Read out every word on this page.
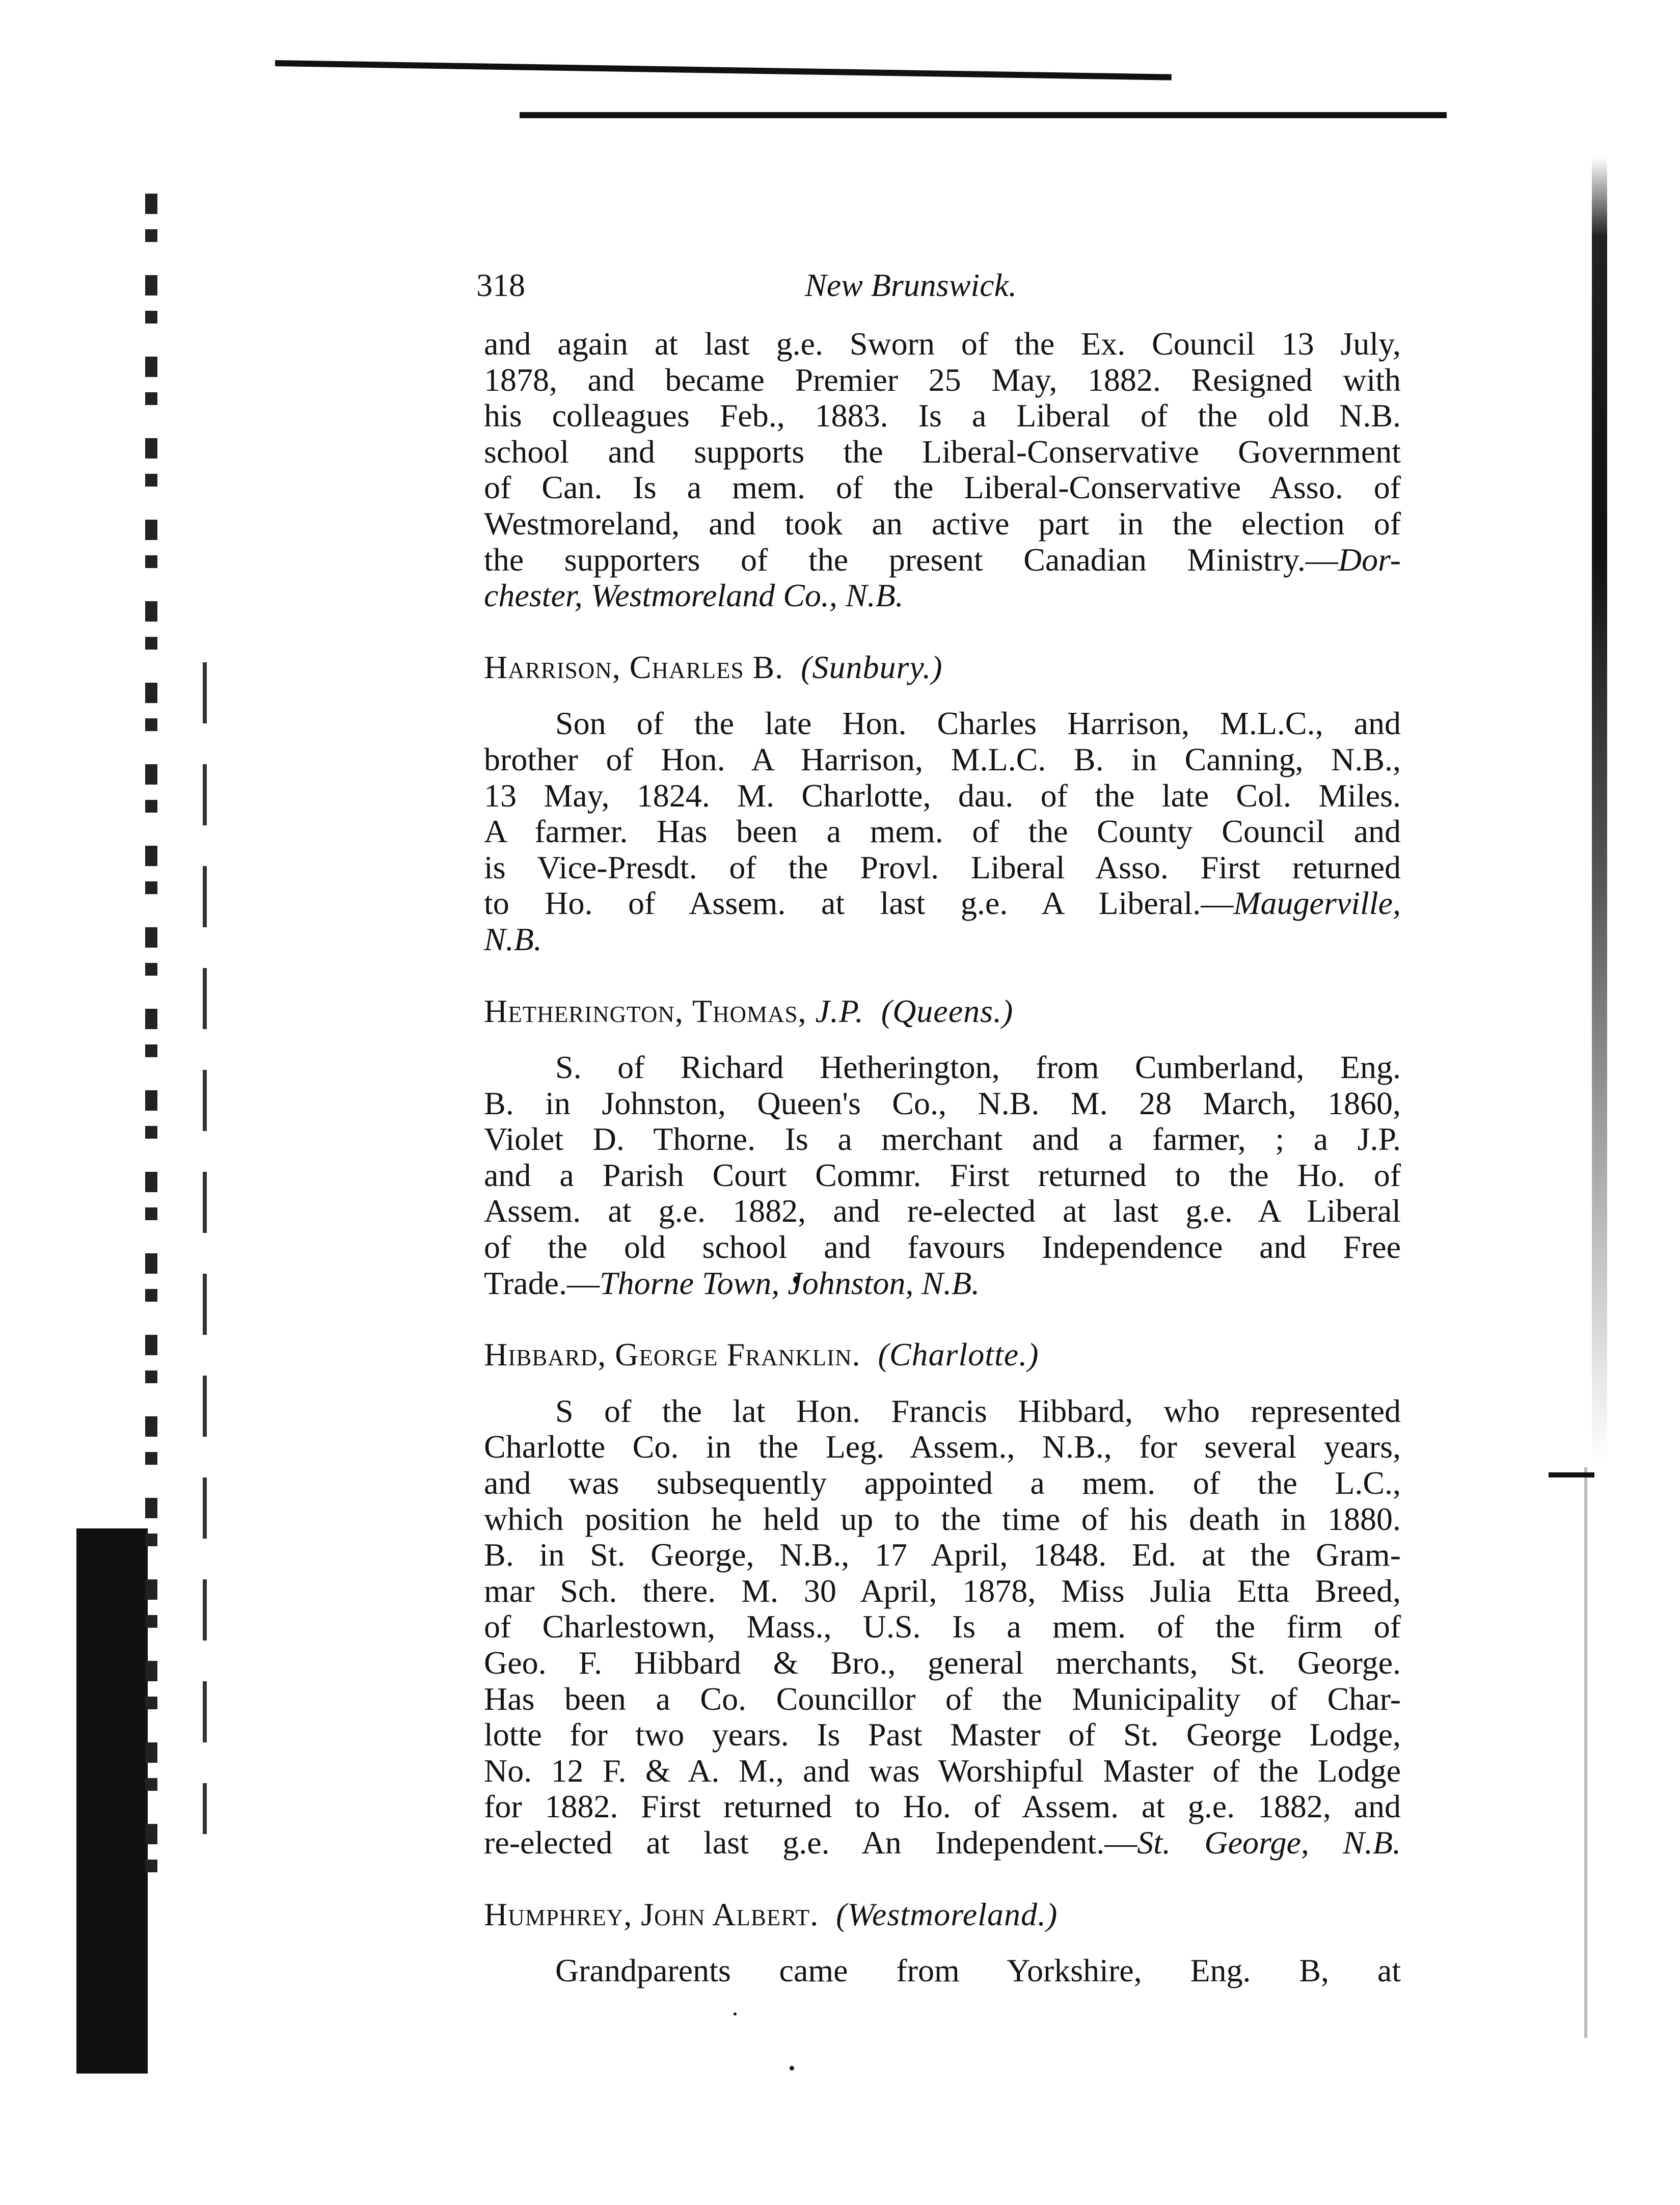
318	New Brunswick.
and again at last g.e. Sworn of the Ex. Council 13 July,
1878, and became Premier 25 May, 1882. Resigned with
his colleagues Feb., 1883. Is a Liberal of the old N.B.
school and supports the Liberal-Conservative Government
of Can. Is a mem. of the Liberal-Conservative Asso. of
Westmoreland, and took an active part in the election of
the supporters of the present Canadian Ministry.—Dor-
chester, Westmoreland Co., N.B.
Harrison, Charles B. (Sunbury.)
Son of the late Hon. Charles Harrison, M.L.C., and
brother of Hon. A Harrison, M.L.C. B. in Canning, N.B.,
13 May, 1824. M. Charlotte, dau. of the late Col. Miles.
A farmer. Has been a mem. of the County Council and
is Vice-Presdt. of the Provl. Liberal Asso. First returned
to Ho. of Assem. at last g.e. A Liberal.—Maugerville,
N.B.
Hetherington, Thomas, J.P. (Queens.)
S. of Richard Hetherington, from Cumberland, Eng.
B. in Johnston, Queen's Co., N.B. M. 28 March, 1860,
Violet D. Thorne. Is a merchant and a farmer, ; a J.P.
and a Parish Court Commr. First returned to the Ho. of
Assem. at g.e. 1882, and re-elected at last g.e. A Liberal
of the old school and favours Independence and Free
Trade.—Thorne Town, Johnston, N.B.
Hibbard, George Franklin. (Charlotte.)
S of the lat Hon. Francis Hibbard, who represented
Charlotte Co. in the Leg. Assem., N.B., for several years,
and was subsequently appointed a mem. of the L.C.,
which position he held up to the time of his death in 1880.
B. in St. George, N.B., 17 April, 1848. Ed. at the Gram-
mar Sch. there. M. 30 April, 1878, Miss Julia Etta Breed,
of Charlestown, Mass., U.S. Is a mem. of the firm of
Geo. F. Hibbard & Bro., general merchants, St. George.
Has been a Co. Councillor of the Municipality of Char-
lotte for two years. Is Past Master of St. George Lodge,
No. 12 F. & A. M., and was Worshipful Master of the Lodge
for 1882. First returned to Ho. of Assem. at g.e. 1882, and
re-elected at last g.e. An Independent.—St. George, N.B.
Humphrey, John Albert. (Westmoreland.)
Grandparents came from Yorkshire, Eng. B, at
